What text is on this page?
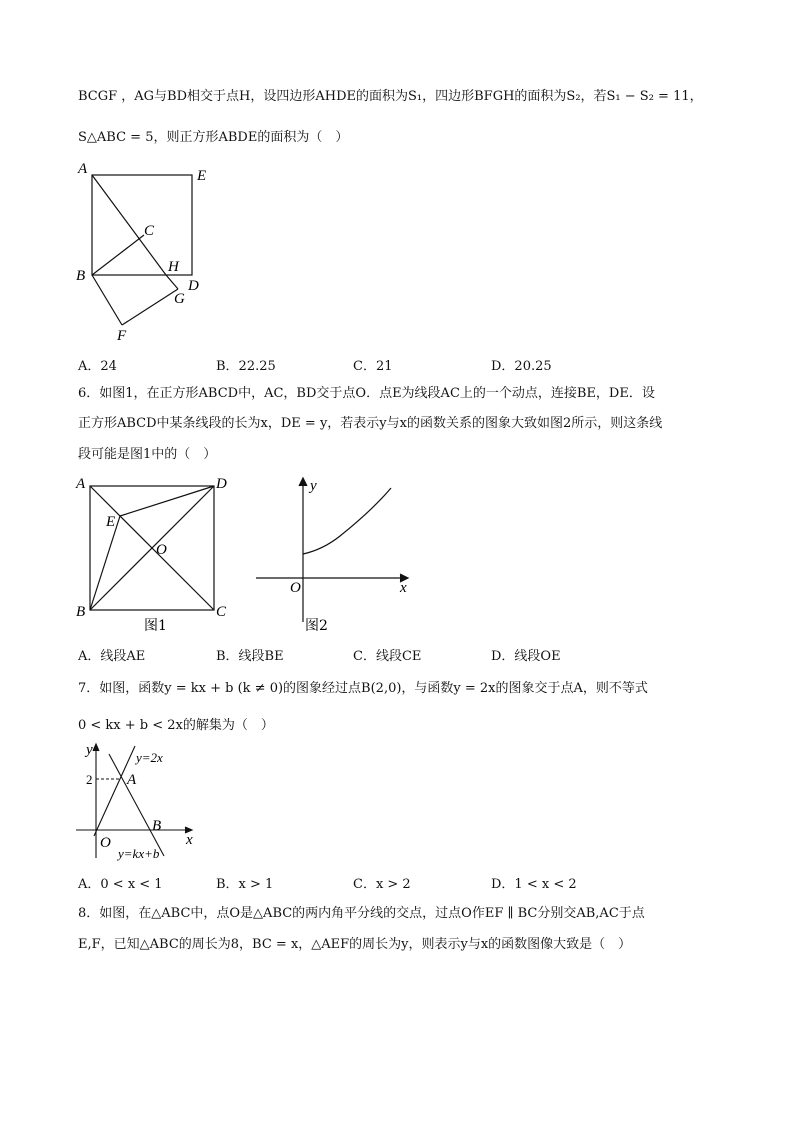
BCGF ，AG与BD相交于点H，设四边形AHDE的面积为S₁，四边形BFGH的面积为S₂，若S₁ − S₂ = 11，
S△ABC = 5，则正方形ABDE的面积为（　）
A	E
C
B
H
D
G
F
A．24	B．22.25	C．21	D．20.25
6．如图1，在正方形ABCD中，AC，BD交于点O．点E为线段AC上的一个动点，连接BE，DE．设
正方形ABCD中某条线段的长为x，DE = y，若表示y与x的函数关系的图象大致如图2所示，则这条线
段可能是图1中的（　）
A	D
E
O
B	C
图1
y
O	x
图2
A．线段AE	B．线段BE	C．线段CE	D．线段OE
7．如图，函数y = kx + b (k ≠ 0)的图象经过点B(2,0)，与函数y = 2x的图象交于点A，则不等式
0 < kx + b < 2x的解集为（　）
y	y=2x
2 A
B
O	x
y=kx+b
A．0 < x < 1	B．x > 1	C．x > 2	D．1 < x < 2
8．如图，在△ABC中，点O是△ABC的两内角平分线的交点，过点O作EF ∥ BC分别交AB,AC于点
E,F，已知△ABC的周长为8，BC = x，△AEF的周长为y，则表示y与x的函数图像大致是（　）
